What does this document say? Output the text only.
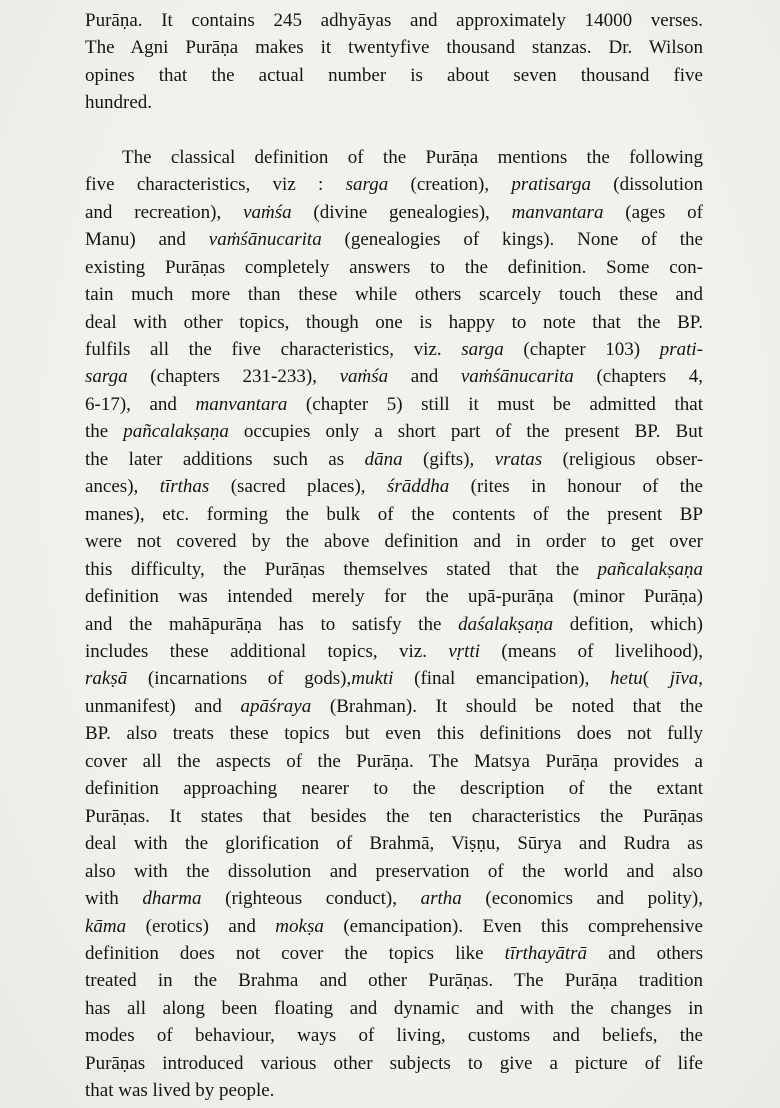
Purāṇa. It contains 245 adhyāyas and approximately 14000 verses.
The Agni Purāṇa makes it twentyfive thousand stanzas. Dr. Wilson
opines that the actual number is about seven thousand five
hundred.
The classical definition of the Purāṇa mentions the following
five characteristics, viz : sarga (creation), pratisarga (dissolution
and recreation), vaṁśa (divine genealogies), manvantara (ages of
Manu) and vaṁśānucarita (genealogies of kings). None of the
existing Purāṇas completely answers to the definition. Some con-
tain much more than these while others scarcely touch these and
deal with other topics, though one is happy to note that the BP.
fulfils all the five characteristics, viz. sarga (chapter 103) prati-
sarga (chapters 231-233), vaṁśa and vaṁśānucarita (chapters 4,
6-17), and manvantara (chapter 5) still it must be admitted that
the pañcalakṣaṇa occupies only a short part of the present BP. But
the later additions such as dāna (gifts), vratas (religious obser-
ances), tīrthas (sacred places), śrāddha (rites in honour of the
manes), etc. forming the bulk of the contents of the present BP
were not covered by the above definition and in order to get over
this difficulty, the Purāṇas themselves stated that the pañcalakṣaṇa
definition was intended merely for the upā-purāṇa (minor Purāṇa)
and the mahāpurāṇa has to satisfy the daśalakṣaṇa defition, which)
includes these additional topics, viz. vṛtti (means of livelihood),
rakṣā (incarnations of gods),mukti (final emancipation), hetu( jīva,
unmanifest) and apāśraya (Brahman). It should be noted that the
BP. also treats these topics but even this definitions does not fully
cover all the aspects of the Purāṇa. The Matsya Purāṇa provides a
definition approaching nearer to the description of the extant
Purāṇas. It states that besides the ten characteristics the Purāṇas
deal with the glorification of Brahmā, Viṣṇu, Sūrya and Rudra as
also with the dissolution and preservation of the world and also
with dharma (righteous conduct), artha (economics and polity),
kāma (erotics) and mokṣa (emancipation). Even this comprehensive
definition does not cover the topics like tīrthayātrā and others
treated in the Brahma and other Purāṇas. The Purāṇa tradition
has all along been floating and dynamic and with the changes in
modes of behaviour, ways of living, customs and beliefs, the
Purāṇas introduced various other subjects to give a picture of life
that was lived by people.
